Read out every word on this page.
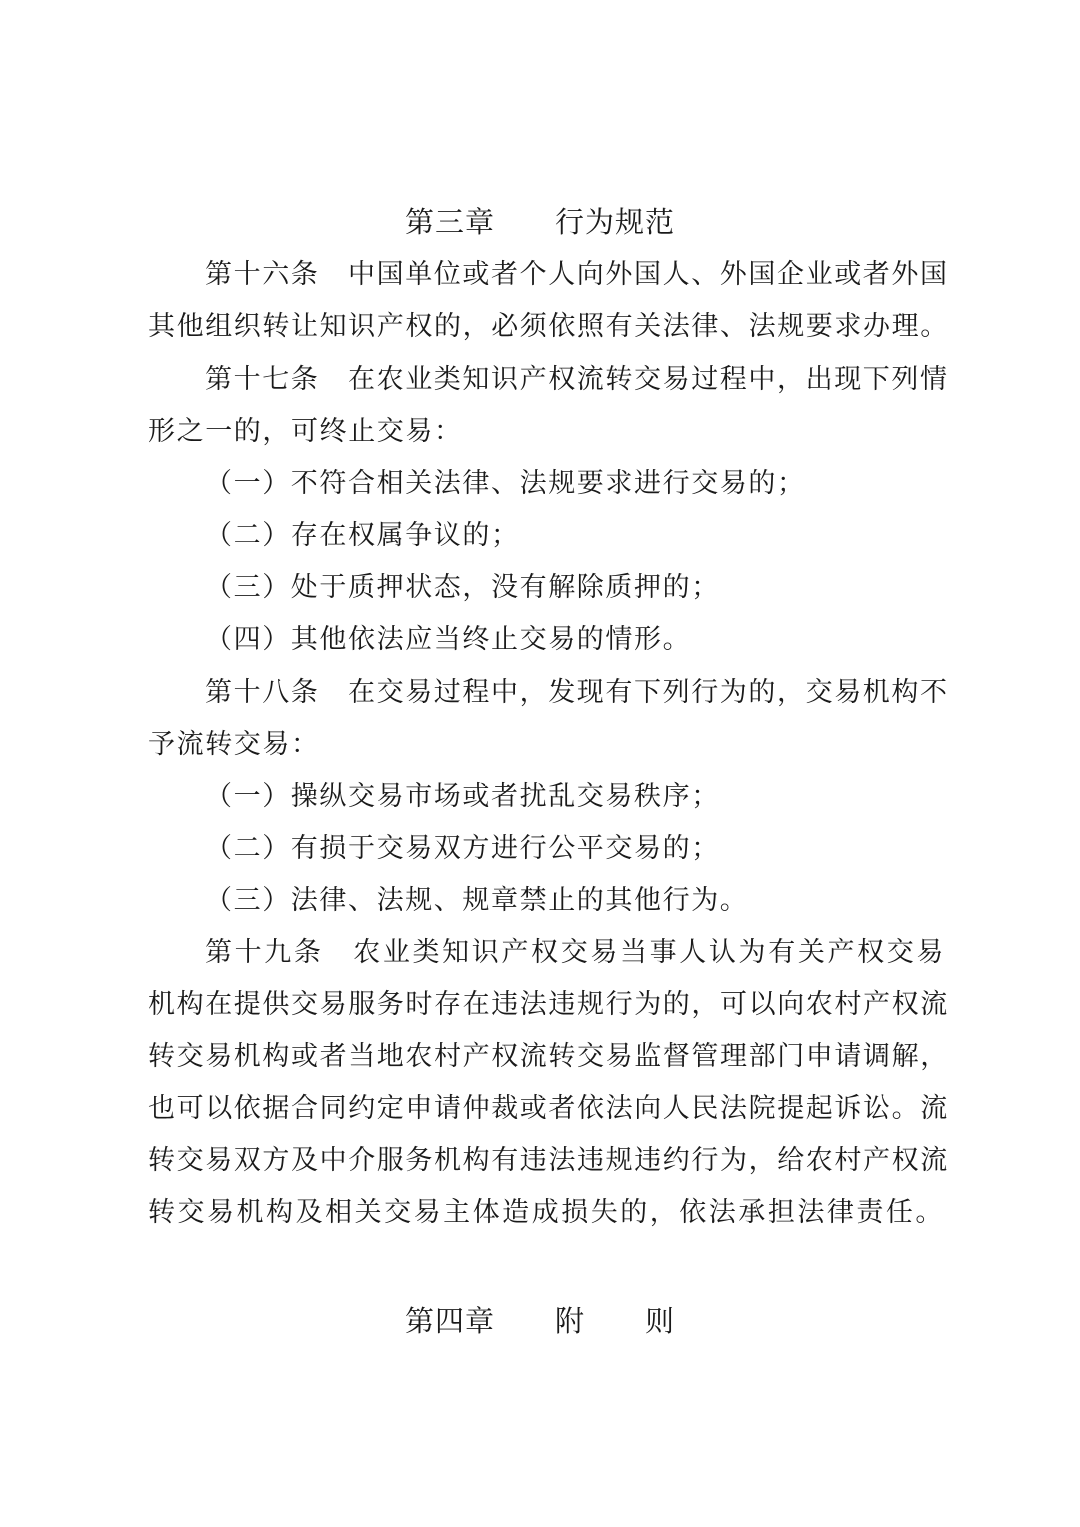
第三章　　行为规范
第十六条　中国单位或者个人向外国人、外国企业或者外国
其他组织转让知识产权的，必须依照有关法律、法规要求办理。
第十七条　在农业类知识产权流转交易过程中，出现下列情
形之一的，可终止交易：
（一）不符合相关法律、法规要求进行交易的；
（二）存在权属争议的；
（三）处于质押状态，没有解除质押的；
（四）其他依法应当终止交易的情形。
第十八条　在交易过程中，发现有下列行为的，交易机构不
予流转交易：
（一）操纵交易市场或者扰乱交易秩序；
（二）有损于交易双方进行公平交易的；
（三）法律、法规、规章禁止的其他行为。
第十九条　农业类知识产权交易当事人认为有关产权交易
机构在提供交易服务时存在违法违规行为的，可以向农村产权流
转交易机构或者当地农村产权流转交易监督管理部门申请调解，
也可以依据合同约定申请仲裁或者依法向人民法院提起诉讼。流
转交易双方及中介服务机构有违法违规违约行为，给农村产权流
转交易机构及相关交易主体造成损失的，依法承担法律责任。
第四章　　附　　则
